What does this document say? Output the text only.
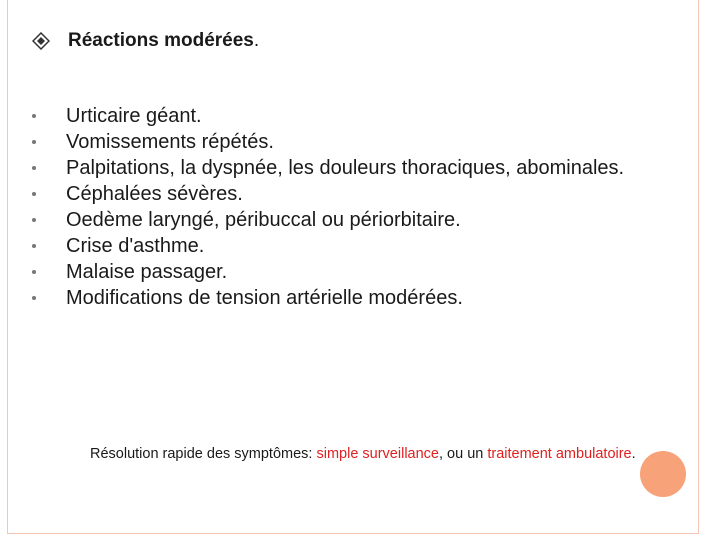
Réactions modérées .
Urticaire géant.
Vomissements répétés.
Palpitations, la dyspnée, les douleurs thoraciques, abominales.
Céphalées sévères.
Oedème laryngé, péribuccal ou périorbitaire.
Crise d'asthme.
Malaise passager.
Modifications de tension artérielle modérées.
Résolution rapide des symptômes: simple surveillance, ou un traitement ambulatoire.
